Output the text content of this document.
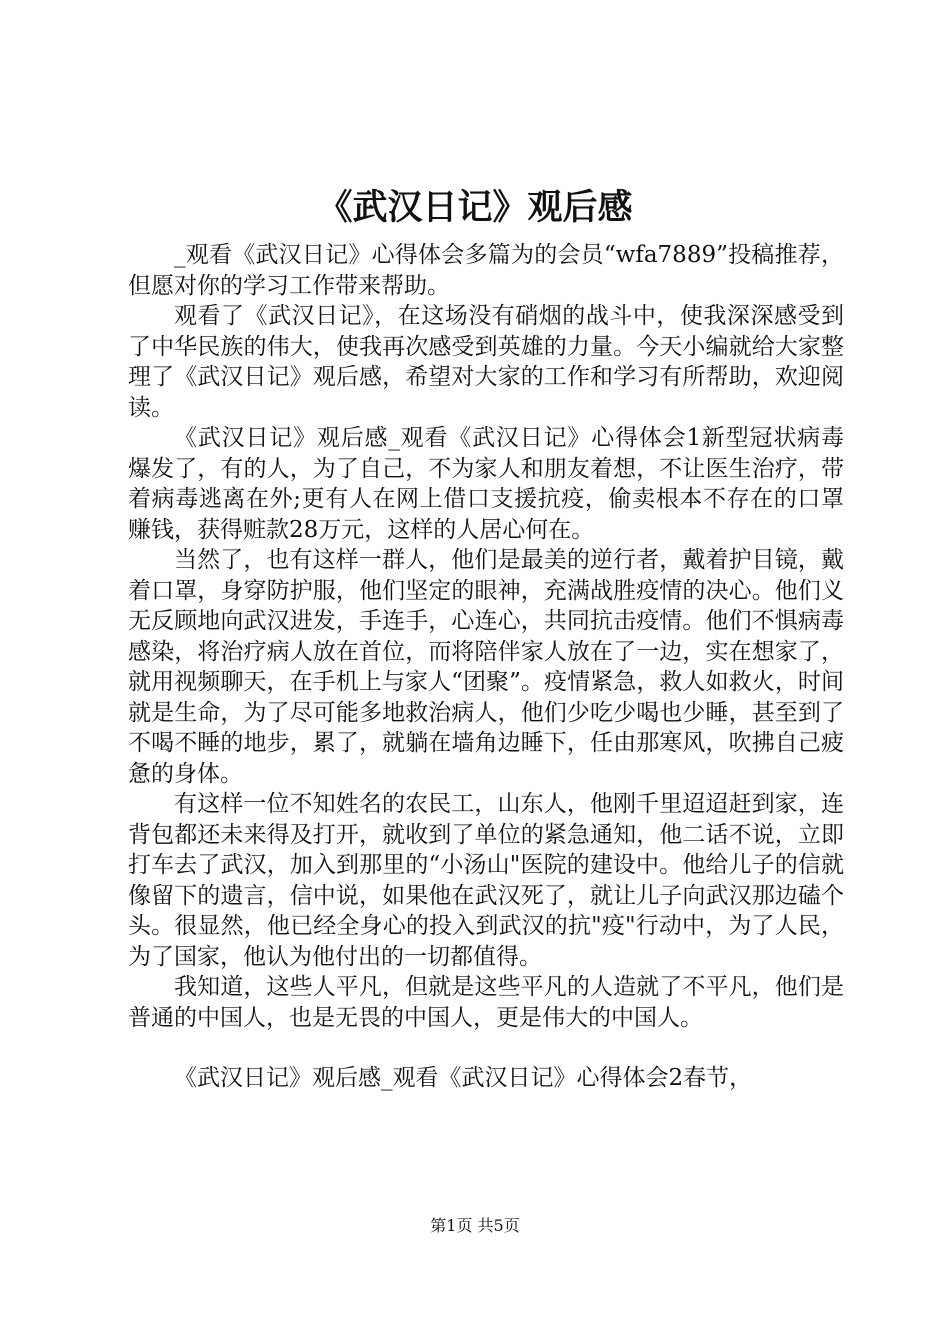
《武汉日记》观后感

_观看《武汉日记》心得体会多篇为的会员“wfa7889”投稿推荐，但愿对你的学习工作带来帮助。

观看了《武汉日记》，在这场没有硝烟的战斗中，使我深深感受到了中华民族的伟大，使我再次感受到英雄的力量。今天小编就给大家整理了《武汉日记》观后感，希望对大家的工作和学习有所帮助，欢迎阅读。

《武汉日记》观后感_观看《武汉日记》心得体会1新型冠状病毒爆发了，有的人，为了自己，不为家人和朋友着想，不让医生治疗，带着病毒逃离在外;更有人在网上借口支援抗疫，偷卖根本不存在的口罩赚钱，获得赃款28万元，这样的人居心何在。

当然了，也有这样一群人，他们是最美的逆行者，戴着护目镜，戴着口罩，身穿防护服，他们坚定的眼神，充满战胜疫情的决心。他们义无反顾地向武汉进发，手连手，心连心，共同抗击疫情。他们不惧病毒感染，将治疗病人放在首位，而将陪伴家人放在了一边，实在想家了，就用视频聊天，在手机上与家人“团聚”。疫情紧急，救人如救火，时间就是生命，为了尽可能多地救治病人，他们少吃少喝也少睡，甚至到了不喝不睡的地步，累了，就躺在墙角边睡下，任由那寒风，吹拂自己疲惫的身体。

有这样一位不知姓名的农民工，山东人，他刚千里迢迢赶到家，连背包都还未来得及打开，就收到了单位的紧急通知，他二话不说，立即打车去了武汉，加入到那里的“小汤山"医院的建设中。他给儿子的信就像留下的遗言，信中说，如果他在武汉死了，就让儿子向武汉那边磕个头。很显然，他已经全身心的投入到武汉的抗"疫"行动中，为了人民，为了国家，他认为他付出的一切都值得。

我知道，这些人平凡，但就是这些平凡的人造就了不平凡，他们是普通的中国人，也是无畏的中国人，更是伟大的中国人。

《武汉日记》观后感_观看《武汉日记》心得体会2春节，

第1页 共5页
